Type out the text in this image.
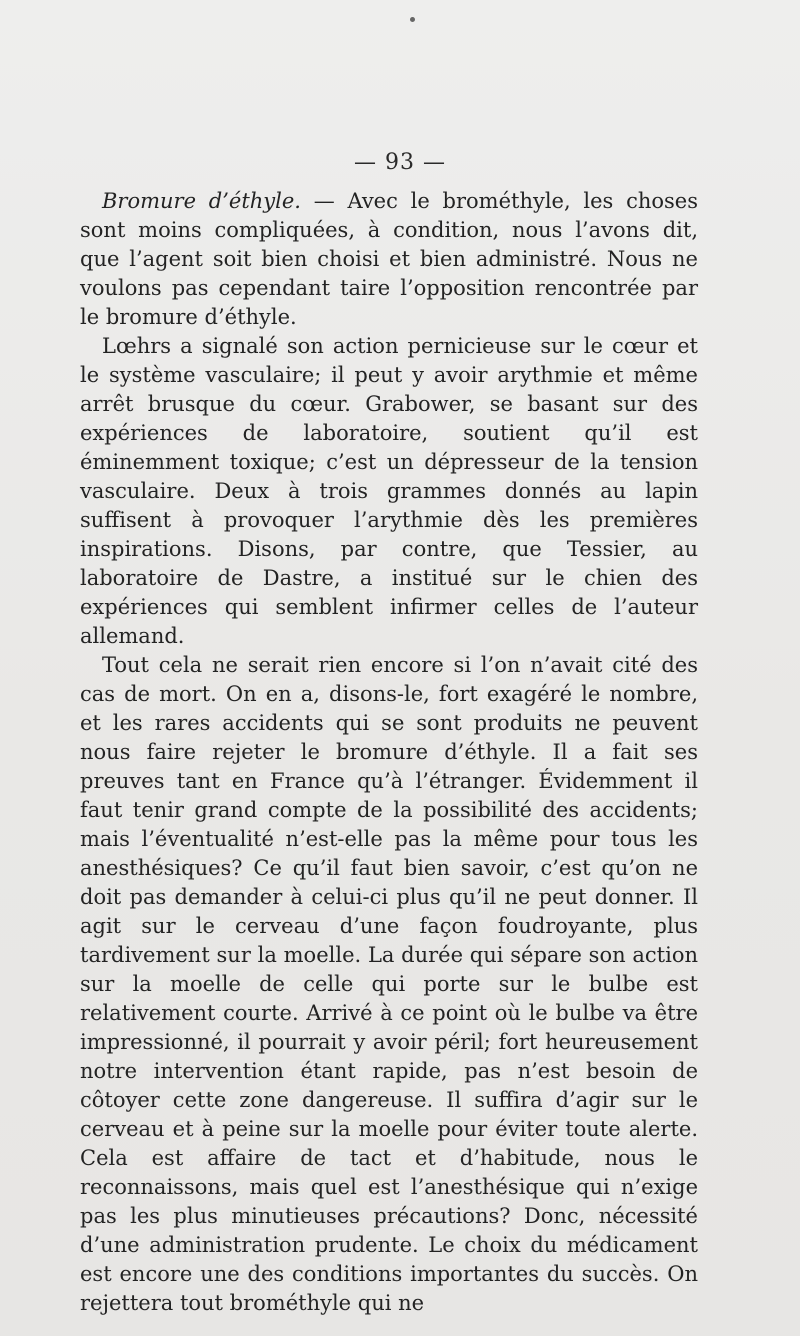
— 93 —

Bromure d’éthyle. — Avec le brométhyle, les choses sont moins compliquées, à condition, nous l’avons dit, que l’agent soit bien choisi et bien administré. Nous ne voulons pas cependant taire l’opposition rencontrée par le bromure d’éthyle.

Lœhrs a signalé son action pernicieuse sur le cœur et le système vasculaire; il peut y avoir arythmie et même arrêt brusque du cœur. Grabower, se basant sur des expériences de laboratoire, soutient qu’il est éminemment toxique; c’est un dépresseur de la tension vasculaire. Deux à trois grammes donnés au lapin suffisent à provoquer l’arythmie dès les premières inspirations. Disons, par contre, que Tessier, au laboratoire de Dastre, a institué sur le chien des expériences qui semblent infirmer celles de l’auteur allemand.

Tout cela ne serait rien encore si l’on n’avait cité des cas de mort. On en a, disons-le, fort exagéré le nombre, et les rares accidents qui se sont produits ne peuvent nous faire rejeter le bromure d’éthyle. Il a fait ses preuves tant en France qu’à l’étranger. Évidemment il faut tenir grand compte de la possibilité des accidents; mais l’éventualité n’est-elle pas la même pour tous les anesthésiques? Ce qu’il faut bien savoir, c’est qu’on ne doit pas demander à celui-ci plus qu’il ne peut donner. Il agit sur le cerveau d’une façon foudroyante, plus tardivement sur la moelle. La durée qui sépare son action sur la moelle de celle qui porte sur le bulbe est relativement courte. Arrivé à ce point où le bulbe va être impressionné, il pourrait y avoir péril; fort heureusement notre intervention étant rapide, pas n’est besoin de côtoyer cette zone dangereuse. Il suffira d’agir sur le cerveau et à peine sur la moelle pour éviter toute alerte. Cela est affaire de tact et d’habitude, nous le reconnaissons, mais quel est l’anesthésique qui n’exige pas les plus minutieuses précautions? Donc, nécessité d’une administration prudente. Le choix du médicament est encore une des conditions importantes du succès. On rejettera tout brométhyle qui ne
